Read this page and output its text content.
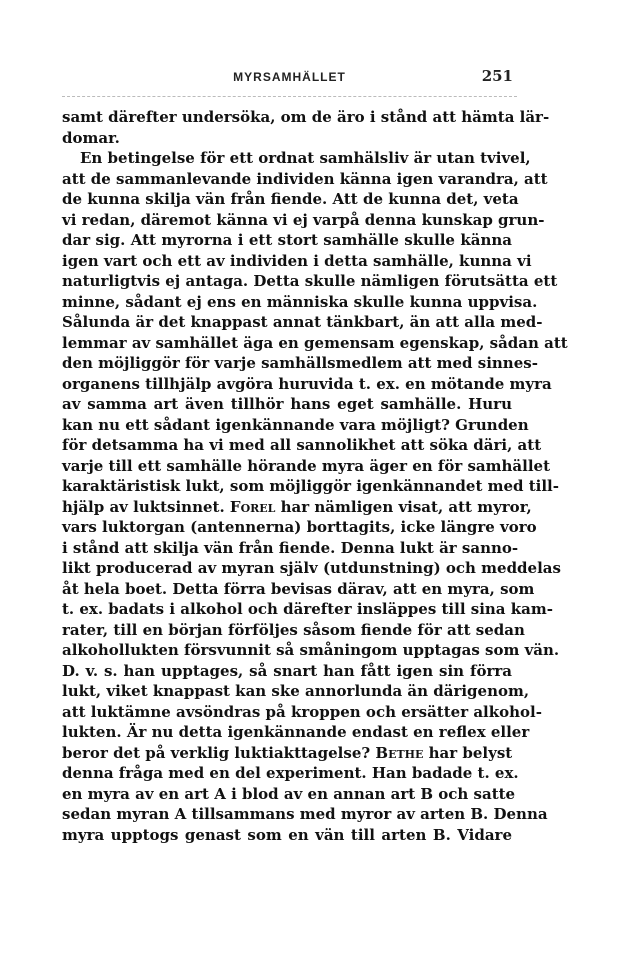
MYRSAMHÄLLET	251
samt därefter undersöka, om de äro i stånd att hämta lär-
domar.
En betingelse för ett ordnat samhälsliv är utan tvivel,
att de sammanlevande individen känna igen varandra, att
de kunna skilja vän från fiende. Att de kunna det, veta
vi redan, däremot känna vi ej varpå denna kunskap grun-
dar sig. Att myrorna i ett stort samhälle skulle känna
igen vart och ett av individen i detta samhälle, kunna vi
naturligtvis ej antaga. Detta skulle nämligen förutsätta ett
minne, sådant ej ens en människa skulle kunna uppvisa.
Sålunda är det knappast annat tänkbart, än att alla med-
lemmar av samhället äga en gemensam egenskap, sådan att
den möjliggör för varje samhällsmedlem att med sinnes-
organens tillhjälp avgöra huruvida t. ex. en mötande myra
av samma art även tillhör hans eget samhälle. Huru
kan nu ett sådant igenkännande vara möjligt? Grunden
för detsamma ha vi med all sannolikhet att söka däri, att
varje till ett samhälle hörande myra äger en för samhället
karaktäristisk lukt, som möjliggör igenkännandet med till-
hjälp av luktsinnet. Forel har nämligen visat, att myror,
vars luktorgan (antennerna) borttagits, icke längre voro
i stånd att skilja vän från fiende. Denna lukt är sanno-
likt producerad av myran själv (utdunstning) och meddelas
åt hela boet. Detta förra bevisas därav, att en myra, som
t. ex. badats i alkohol och därefter insläppes till sina kam-
rater, till en början förföljes såsom fiende för att sedan
alkohollukten försvunnit så småningom upptagas som vän.
D. v. s. han upptages, så snart han fått igen sin förra
lukt, viket knappast kan ske annorlunda än därigenom,
att luktämne avsöndras på kroppen och ersätter alkohol-
lukten. Är nu detta igenkännande endast en reflex eller
beror det på verklig luktiakttagelse? Bethe har belyst
denna fråga med en del experiment. Han badade t. ex.
en myra av en art A i blod av en annan art B och satte
sedan myran A tillsammans med myror av arten B. Denna
myra upptogs genast som en vän till arten B. Vidare
